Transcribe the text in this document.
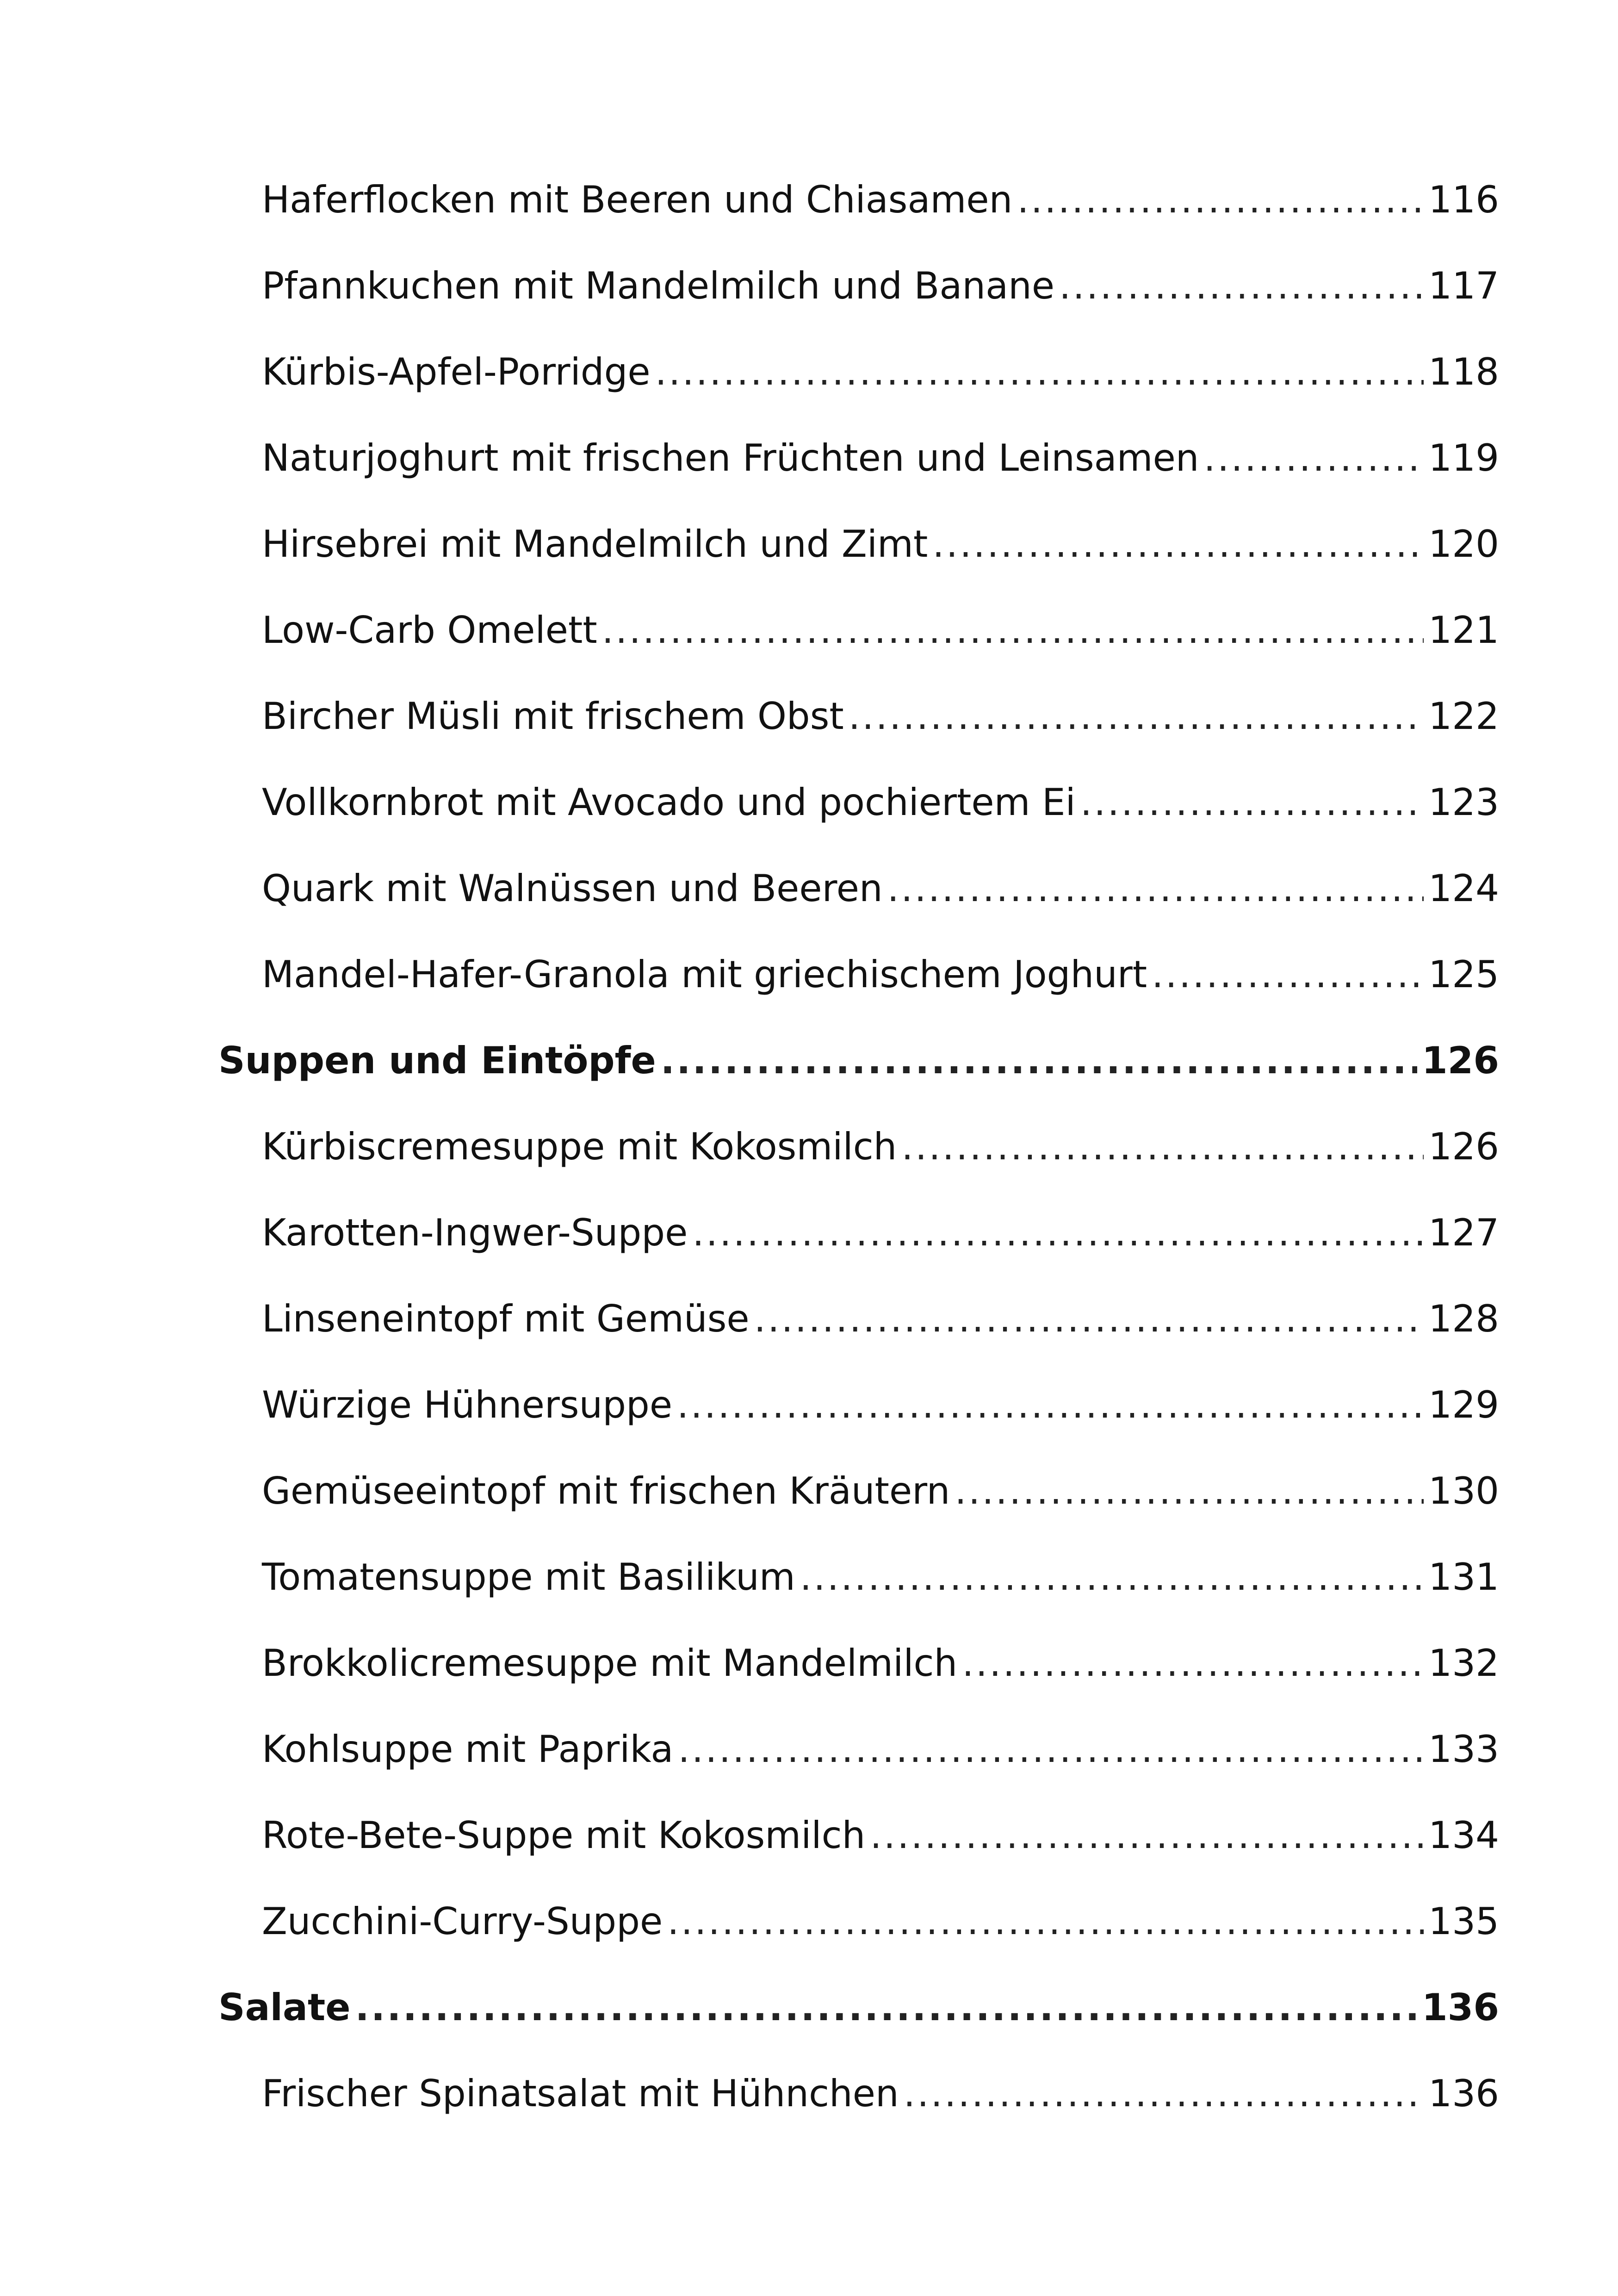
Haferflocken mit Beeren und Chiasamen .....	116
Pfannkuchen mit Mandelmilch und Banane .....	117
Kürbis-Apfel-Porridge .....	118
Naturjoghurt mit frischen Früchten und Leinsamen .....	119
Hirsebrei mit Mandelmilch und Zimt .....	120
Low-Carb Omelett .....	121
Bircher Müsli mit frischem Obst .....	122
Vollkornbrot mit Avocado und pochiertem Ei .....	123
Quark mit Walnüssen und Beeren .....	124
Mandel-Hafer-Granola mit griechischem Joghurt .....	125
Suppen und Eintöpfe .....	126
Kürbiscremesuppe mit Kokosmilch .....	126
Karotten-Ingwer-Suppe .....	127
Linseneintopf mit Gemüse .....	128
Würzige Hühnersuppe .....	129
Gemüseeintopf mit frischen Kräutern .....	130
Tomatensuppe mit Basilikum .....	131
Brokkolicremesuppe mit Mandelmilch .....	132
Kohlsuppe mit Paprika .....	133
Rote-Bete-Suppe mit Kokosmilch .....	134
Zucchini-Curry-Suppe .....	135
Salate .....	136
Frischer Spinatsalat mit Hühnchen .....	136
